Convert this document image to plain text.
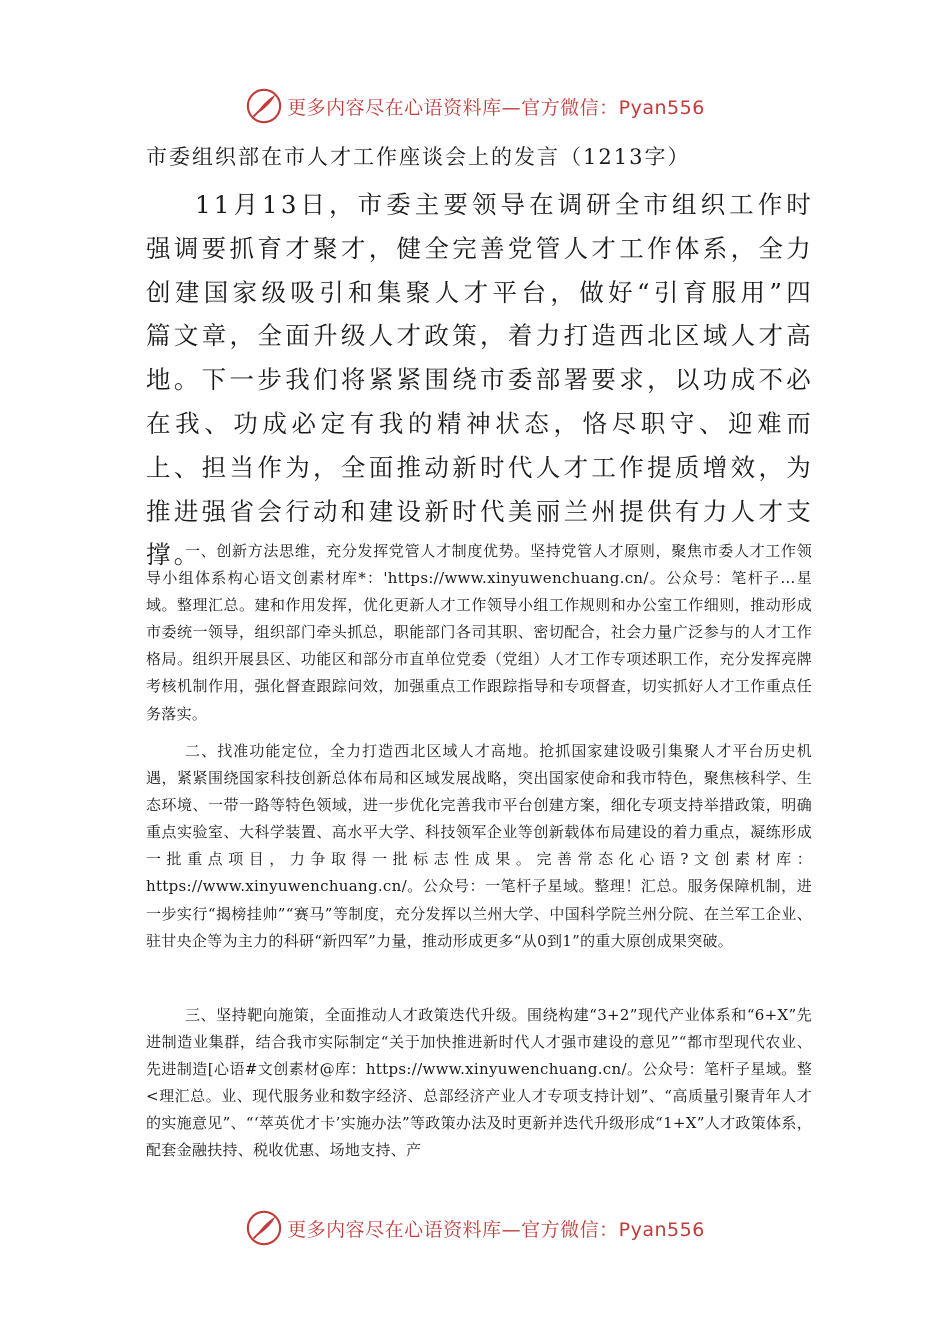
更多内容尽在心语资料库—官方微信：Pyan556
市委组织部在市人才工作座谈会上的发言（1213字）

11月13日，市委主要领导在调研全市组织工作时强调要抓育才聚才，健全完善党管人才工作体系，全力创建国家级吸引和集聚人才平台，做好“引育服用”四篇文章，全面升级人才政策，着力打造西北区域人才高地。下一步我们将紧紧围绕市委部署要求，以功成不必在我、功成必定有我的精神状态，恪尽职守、迎难而上、担当作为，全面推动新时代人才工作提质增效，为推进强省会行动和建设新时代美丽兰州提供有力人才支撑。

一、创新方法思维，充分发挥党管人才制度优势。坚持党管人才原则，聚焦市委人才工作领导小组体系构心语文创素材库*：'https://www.xinyuwenchuang.cn/。公众号：笔杆子…星域。整理汇总。建和作用发挥，优化更新人才工作领导小组工作规则和办公室工作细则，推动形成市委统一领导，组织部门牵头抓总，职能部门各司其职、密切配合，社会力量广泛参与的人才工作格局。组织开展县区、功能区和部分市直单位党委（党组）人才工作专项述职工作，充分发挥亮牌考核机制作用，强化督查跟踪问效，加强重点工作跟踪指导和专项督查，切实抓好人才工作重点任务落实。

二、找准功能定位，全力打造西北区域人才高地。抢抓国家建设吸引集聚人才平台历史机遇，紧紧围绕国家科技创新总体布局和区域发展战略，突出国家使命和我市特色，聚焦核科学、生态环境、一带一路等特色领域，进一步优化完善我市平台创建方案，细化专项支持举措政策，明确重点实验室、大科学装置、高水平大学、科技领军企业等创新载体布局建设的着力重点，凝练形成一批重点项目，力争取得一批标志性成果。完善常态化心语?文创素材库：https://www.xinyuwenchuang.cn/。公众号：一笔杆子星域。整理！汇总。服务保障机制，进一步实行“揭榜挂帅”“赛马”等制度，充分发挥以兰州大学、中国科学院兰州分院、在兰军工企业、驻甘央企等为主力的科研“新四军”力量，推动形成更多“从0到1”的重大原创成果突破。

三、坚持靶向施策，全面推动人才政策迭代升级。围绕构建“3+2”现代产业体系和“6+X”先进制造业集群，结合我市实际制定“关于加快推进新时代人才强市建设的意见”“都市型现代农业、先进制造[心语#文创素材@库：https://www.xinyuwenchuang.cn/。公众号：笔杆子星域。整<理汇总。业、现代服务业和数字经济、总部经济产业人才专项支持计划”、“高质量引聚青年人才的实施意见”、“‘萃英优才卡’实施办法”等政策办法及时更新并迭代升级形成“1+X”人才政策体系，配套金融扶持、税收优惠、场地支持、产

更多内容尽在心语资料库—官方微信：Pyan556
